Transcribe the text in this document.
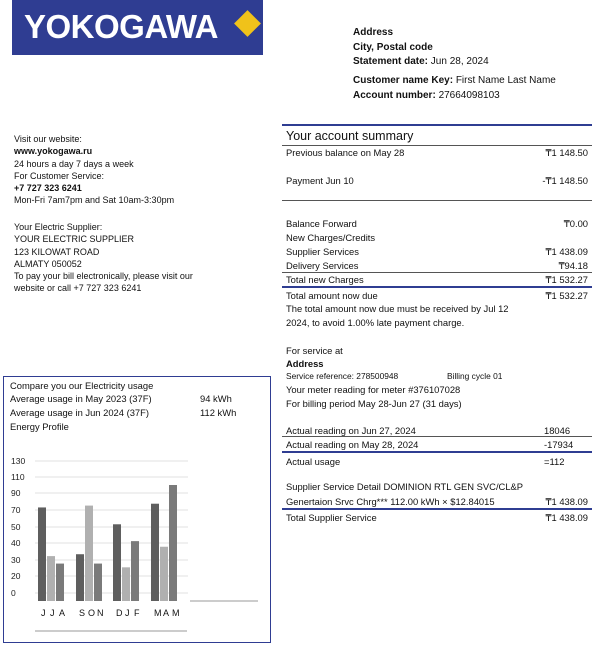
YOKOGAWA	Address
City, Postal code
Statement date: Jun 28, 2024
Customer name Key: First Name Last Name
Account number: 27664098103
Visit our website:
www.yokogawa.ru
24 hours a day 7 days a week
For Customer Service:
+7 727 323 6241
Mon-Fri 7am7pm and Sat 10am-3:30pm
Your Electric Supplier:
YOUR ELECTRIC SUPPLIER
123 KILOWAT ROAD
ALMATY 050052
To pay your bill electronically, please visit our
website or call +7 727 323 6241
Your account summary
Previous balance on May 28	₸1 148.50
Payment Jun 10	-₸1 148.50
Balance Forward	₸0.00
New Charges/Credits
Supplier Services	₸1 438.09
Delivery Services	₸94.18
Total new Charges	₸1 532.27
Total amount now due	₸1 532.27
The total amount now due must be received by Jul 12
2024, to avoid 1.00% late payment charge.
For service at
Address
Service reference: 278500948	Billing cycle 01
Your meter reading for meter #376107028
For billing period May 28-Jun 27 (31 days)
Actual reading on Jun 27, 2024	18046
Actual reading on May 28, 2024	-17934
Actual usage	=112
Supplier Service Detail DOMINION RTL GEN SVC/CL&P
Genertaion Srvc Chrg*** 112.00 kWh × $12.84015	₸1 438.09
Total Supplier Service	₸1 438.09
Compare you our Electricity usage
Average usage in May 2023 (37F)	94 kWh
Average usage in Jun 2024 (37F)	112 kWh
Energy Profile
0
20
30
40
50
70
90
110
130
J J A S O N D J F M A M
